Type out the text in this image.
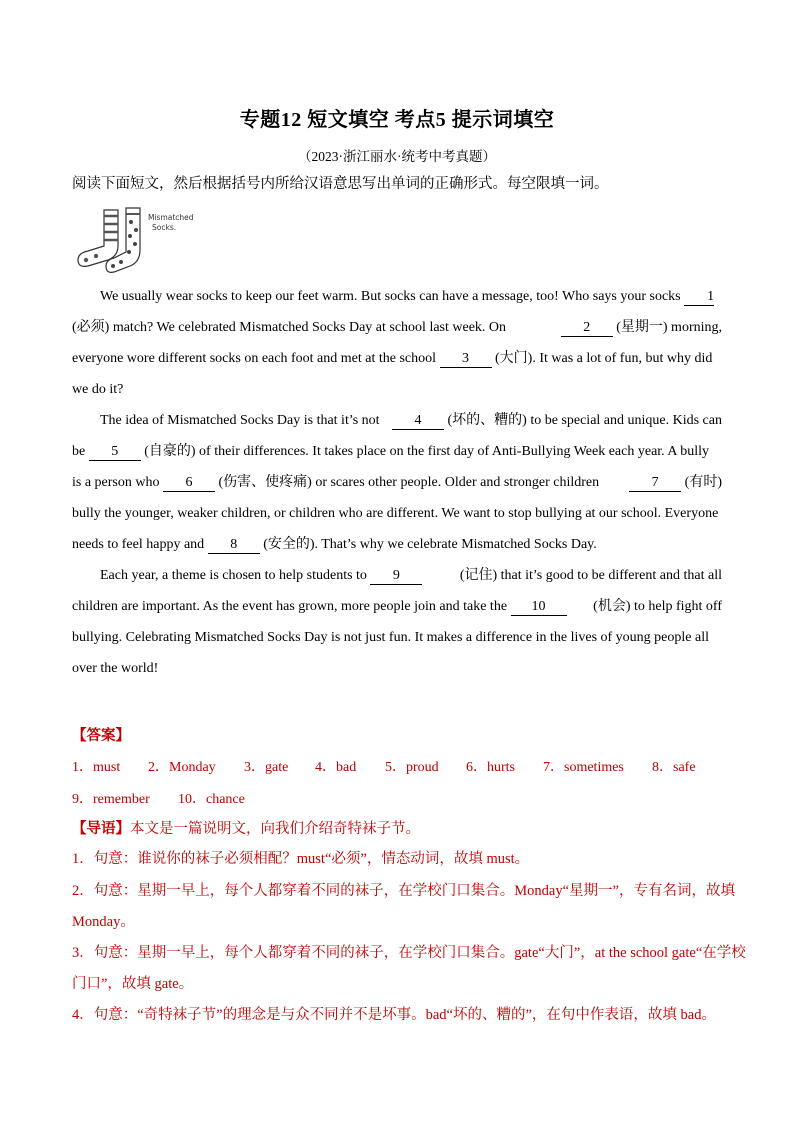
专题12 短文填空 考点5 提示词填空
（2023·浙江丽水·统考中考真题）
阅读下面短文，然后根据括号内所给汉语意思写出单词的正确形式。每空限填一词。
Mismatched
Socks.
We usually wear socks to keep our feet warm. But socks can have a message, too! Who says your socks 1
(必须) match? We celebrated Mismatched Socks Day at school last week. On	2 (星期一) morning,
everyone wore different socks on each foot and met at the school 3 (大门). It was a lot of fun, but why did
we do it?
The idea of Mismatched Socks Day is that it’s not	4 (坏的、糟的) to be special and unique. Kids can
be 5 (自豪的) of their differences. It takes place on the first day of Anti-Bullying Week each year. A bully
is a person who 6 (伤害、使疼痛) or scares other people. Older and stronger children	7 (有时)
bully the younger, weaker children, or children who are different. We want to stop bullying at our school. Everyone
needs to feel happy and 8 (安全的). That’s why we celebrate Mismatched Socks Day.
Each year, a theme is chosen to help students to 9	(记住) that it’s good to be different and that all
children are important. As the event has grown, more people join and take the 10	(机会) to help fight off
bullying. Celebrating Mismatched Socks Day is not just fun. It makes a difference in the lives of young people all
over the world!
【答案】
1．must 2．Monday 3．gate 4．bad 5．proud 6．hurts 7．sometimes 8．safe
9．remember 10．chance
【导语】本文是一篇说明文，向我们介绍奇特袜子节。
1．句意：谁说你的袜子必须相配？must“必须”，情态动词，故填 must。
2．句意：星期一早上，每个人都穿着不同的袜子，在学校门口集合。Monday“星期一”，专有名词，故填
Monday。
3．句意：星期一早上，每个人都穿着不同的袜子，在学校门口集合。gate“大门”，at the school gate“在学校
门口”，故填 gate。
4．句意：“奇特袜子节”的理念是与众不同并不是坏事。bad“坏的、糟的”，在句中作表语，故填 bad。
